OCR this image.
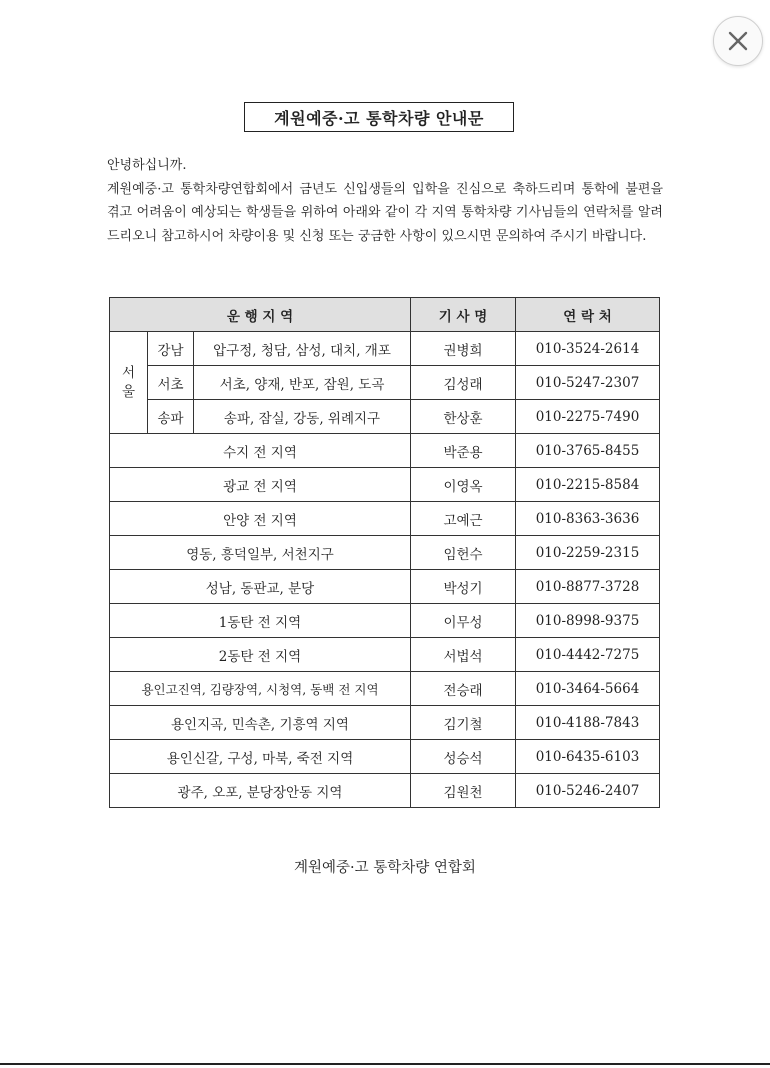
계원예중·고 통학차량 안내문

안녕하십니까.

계원예중·고 통학차량연합회에서 금년도 신입생들의 입학을 진심으로 축하드리며 통학에 불편을 겪고 어려움이 예상되는 학생들을 위하여 아래와 같이 각 지역 통학차량 기사님들의 연락처를 알려드리오니 참고하시어 차량이용 및 신청 또는 궁금한 사항이 있으시면 문의하여 주시기 바랍니다.

운 행 지 역			기 사 명	연 락 처

서
울	강남	압구정, 청담, 삼성, 대치, 개포	권병희	010-3524-2614
	서초	서초, 양재, 반포, 잠원, 도곡	김성래	010-5247-2307
	송파	송파, 잠실, 강동, 위례지구	한상훈	010-2275-7490
수지 전 지역			박준용	010-3765-8455
광교 전 지역			이영옥	010-2215-8584
안양 전 지역			고예근	010-8363-3636
영동, 흥덕일부, 서천지구			임헌수	010-2259-2315
성남, 동판교, 분당			박성기	010-8877-3728
1동탄 전 지역			이무성	010-8998-9375
2동탄 전 지역			서법석	010-4442-7275
용인고진역, 김량장역, 시청역, 동백 전 지역			전승래	010-3464-5664
용인지곡, 민속촌, 기흥역 지역			김기철	010-4188-7843
용인신갈, 구성, 마북, 죽전 지역			성승석	010-6435-6103
광주, 오포, 분당장안동 지역			김원천	010-5246-2407
계원예중·고 통학차량 연합회
